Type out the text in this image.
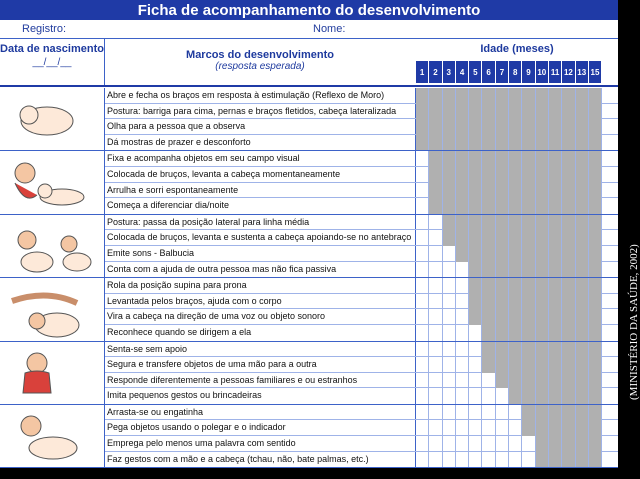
Ficha de acompanhamento do desenvolvimento
Registro:	Nome:
Data de nascimento
__/__/__
Marcos do desenvolvimento
(resposta esperada)
Idade (meses)
1	2	3	4	5	6	7	8	9 10 11 12 13 15
Abre e fecha os braços em resposta à estimulação (Reflexo de Moro)
Postura: barriga para cima, pernas e braços fletidos, cabeça lateralizada
Olha para a pessoa que a observa
Dá mostras de prazer e desconforto
Fixa e acompanha objetos em seu campo visual
Colocada de bruços, levanta a cabeça momentaneamente
Arrulha e sorri espontaneamente
Começa a diferenciar dia/noite
Postura: passa da posição lateral para linha média
Colocada de bruços, levanta e sustenta a cabeça apoiando-se no antebraço
Emite sons - Balbucia
Conta com a ajuda de outra pessoa mas não fica passiva
Rola da posição supina para prona
Levantada pelos braços, ajuda com o corpo
Vira a cabeça na direção de uma voz ou objeto sonoro
Reconhece quando se dirigem a ela
Senta-se sem apoio
Segura e transfere objetos de uma mão para a outra
Responde diferentemente a pessoas familiares e ou estranhos
Imita pequenos gestos ou brincadeiras
Arrasta-se ou engatinha
Pega objetos usando o polegar e o indicador
Emprega pelo menos uma palavra com sentido
Faz gestos com a mão e a cabeça (tchau, não, bate palmas, etc.)
(MINISTÉRIO DA SAÚDE, 2002)
